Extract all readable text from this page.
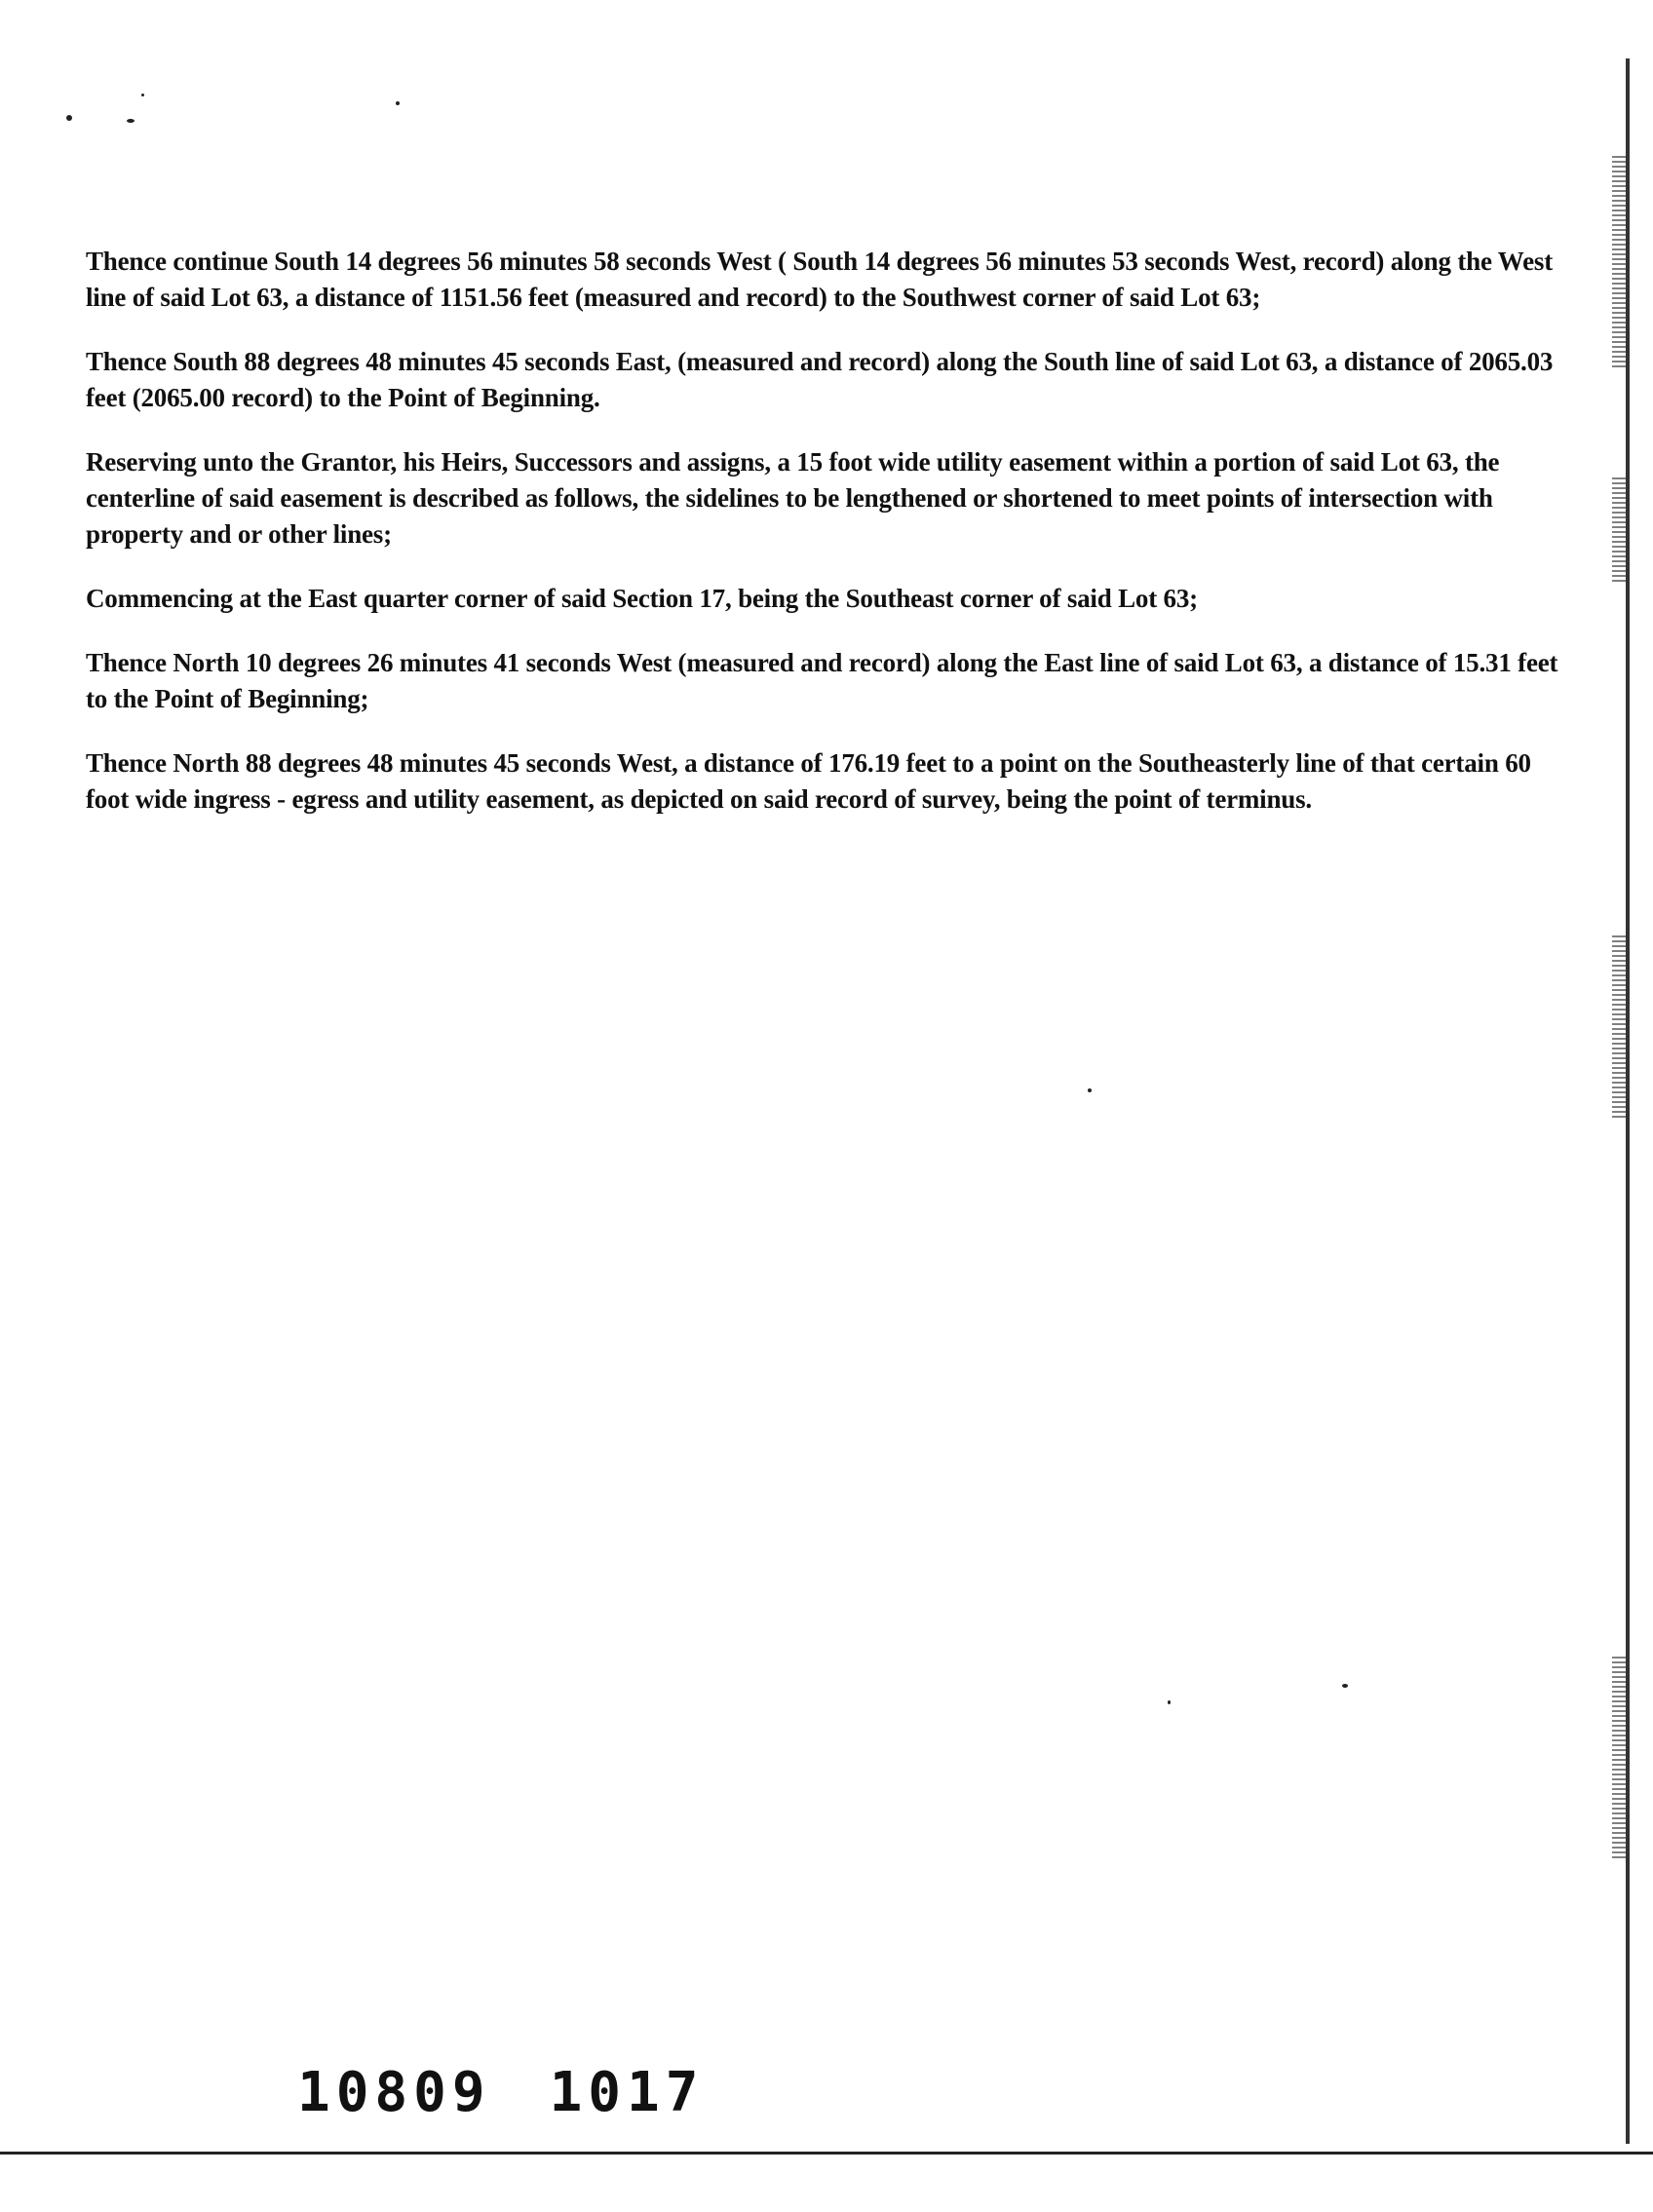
Thence continue South 14 degrees 56 minutes 58 seconds West ( South 14 degrees 56 minutes 53 seconds West, record) along the West line of said Lot 63, a distance of 1151.56 feet (measured and record) to the Southwest corner of said Lot 63;

Thence South 88 degrees 48 minutes 45 seconds East, (measured and record) along the South line of said Lot 63, a distance of 2065.03 feet (2065.00 record) to the Point of Beginning.

Reserving unto the Grantor, his Heirs, Successors and assigns, a 15 foot wide utility easement within a portion of said Lot 63, the centerline of said easement is described as follows, the sidelines to be lengthened or shortened to meet points of intersection with property and or other lines;

Commencing at the East quarter corner of said Section 17, being the Southeast corner of said Lot 63;

Thence North 10 degrees 26 minutes 41 seconds West (measured and record) along the East line of said Lot 63, a distance of 15.31 feet to the Point of Beginning;

Thence North 88 degrees 48 minutes 45 seconds West, a distance of 176.19 feet to a point on the Southeasterly line of that certain 60 foot wide ingress - egress and utility easement, as depicted on said record of survey, being the point of terminus.

10809 1017
